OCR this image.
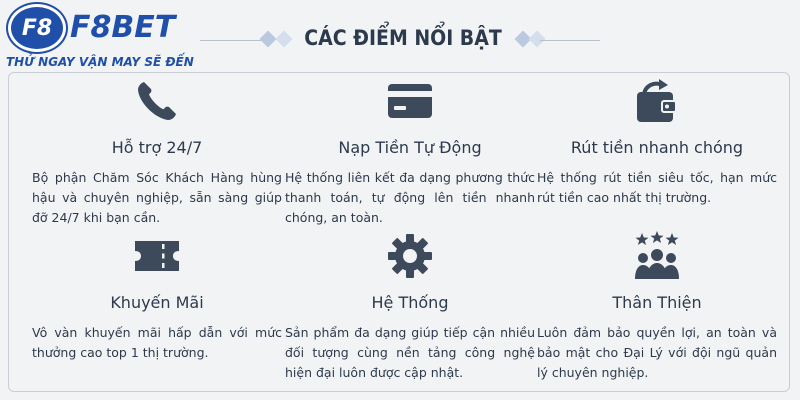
F8 F8BET
THỬ NGAY VẬN MAY SẼ ĐẾN
CÁC ĐIỂM NỔI BẬT
Hỗ trợ 24/7
Bộ phận Chăm Sóc Khách Hàng hùng hậu và chuyên nghiệp, sẵn sàng giúp đỡ 24/7 khi bạn cần.
Nạp Tiền Tự Động
Hệ thống liên kết đa dạng phương thức thanh toán, tự động lên tiền nhanh chóng, an toàn.
Rút tiền nhanh chóng
Hệ thống rút tiền siêu tốc, hạn mức rút tiền cao nhất thị trường.
Khuyến Mãi
Vô vàn khuyến mãi hấp dẫn với mức thưởng cao top 1 thị trường.
Hệ Thống
Sản phẩm đa dạng giúp tiếp cận nhiều đối tượng cùng nền tảng công nghệ hiện đại luôn được cập nhật.
Thân Thiện
Luôn đảm bảo quyền lợi, an toàn và bảo mật cho Đại Lý với đội ngũ quản lý chuyên nghiệp.
